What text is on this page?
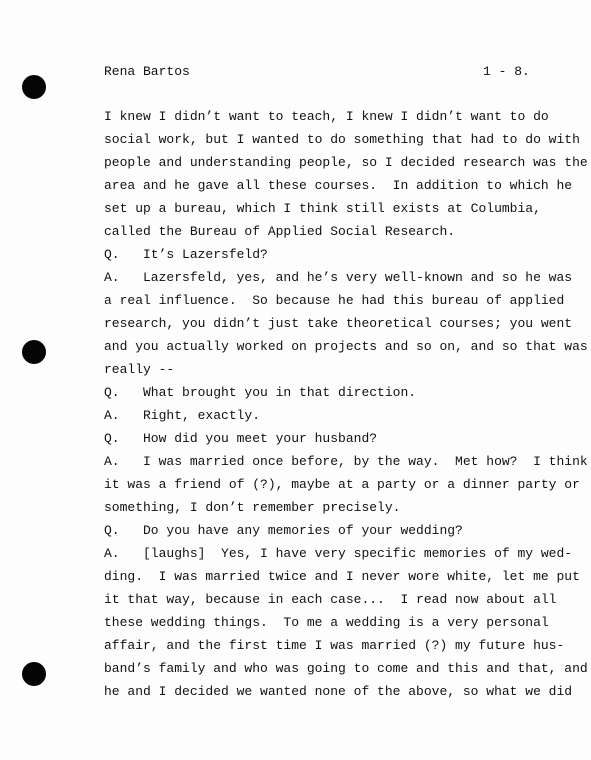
Rena Bartos	1 - 8.
I knew I didn’t want to teach, I knew I didn’t want to do
social work, but I wanted to do something that had to do with
people and understanding people, so I decided research was the
area and he gave all these courses.  In addition to which he
set up a bureau, which I think still exists at Columbia,
called the Bureau of Applied Social Research.
Q.   It’s Lazersfeld?
A.   Lazersfeld, yes, and he’s very well-known and so he was
a real influence.  So because he had this bureau of applied
research, you didn’t just take theoretical courses; you went
and you actually worked on projects and so on, and so that was
really --
Q.   What brought you in that direction.
A.   Right, exactly.
Q.   How did you meet your husband?
A.   I was married once before, by the way.  Met how?  I think
it was a friend of (?), maybe at a party or a dinner party or
something, I don’t remember precisely.
Q.   Do you have any memories of your wedding?
A.   [laughs]  Yes, I have very specific memories of my wed-
ding.  I was married twice and I never wore white, let me put
it that way, because in each case...  I read now about all
these wedding things.  To me a wedding is a very personal
affair, and the first time I was married (?) my future hus-
band’s family and who was going to come and this and that, and
he and I decided we wanted none of the above, so what we did
